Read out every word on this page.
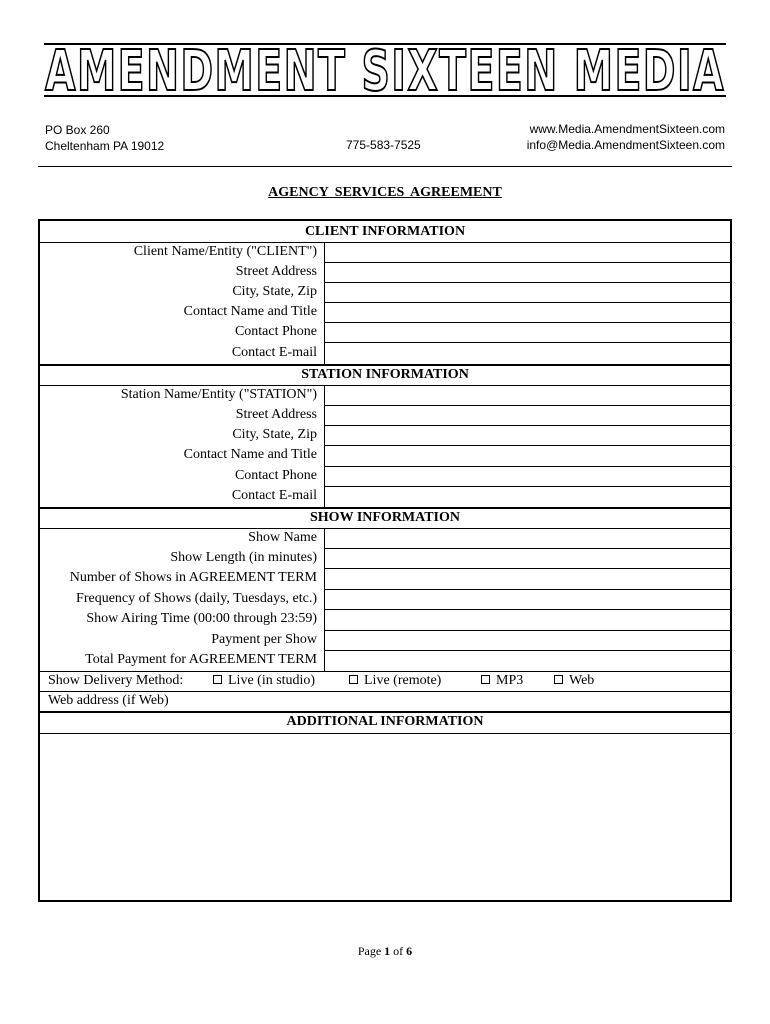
AMENDMENT SIXTEEN MEDIA
PO Box 260
Cheltenham PA 19012	775-583-7525
www.Media.AmendmentSixteen.com
info@Media.AmendmentSixteen.com
AGENCY SERVICES AGREEMENT
CLIENT INFORMATION
Client Name/Entity ("CLIENT")
Street Address
City, State, Zip
Contact Name and Title
Contact Phone
Contact E-mail
STATION INFORMATION
Station Name/Entity ("STATION")
Street Address
City, State, Zip
Contact Name and Title
Contact Phone
Contact E-mail
SHOW INFORMATION
Show Name
Show Length (in minutes)
Number of Shows in AGREEMENT TERM
Frequency of Shows (daily, Tuesdays, etc.)
Show Airing Time (00:00 through 23:59)
Payment per Show
Total Payment for AGREEMENT TERM
Show Delivery Method:	Live (in studio)	Live (remote)	MP3	Web
Web address (if Web)
ADDITIONAL INFORMATION
Page 1 of 6
